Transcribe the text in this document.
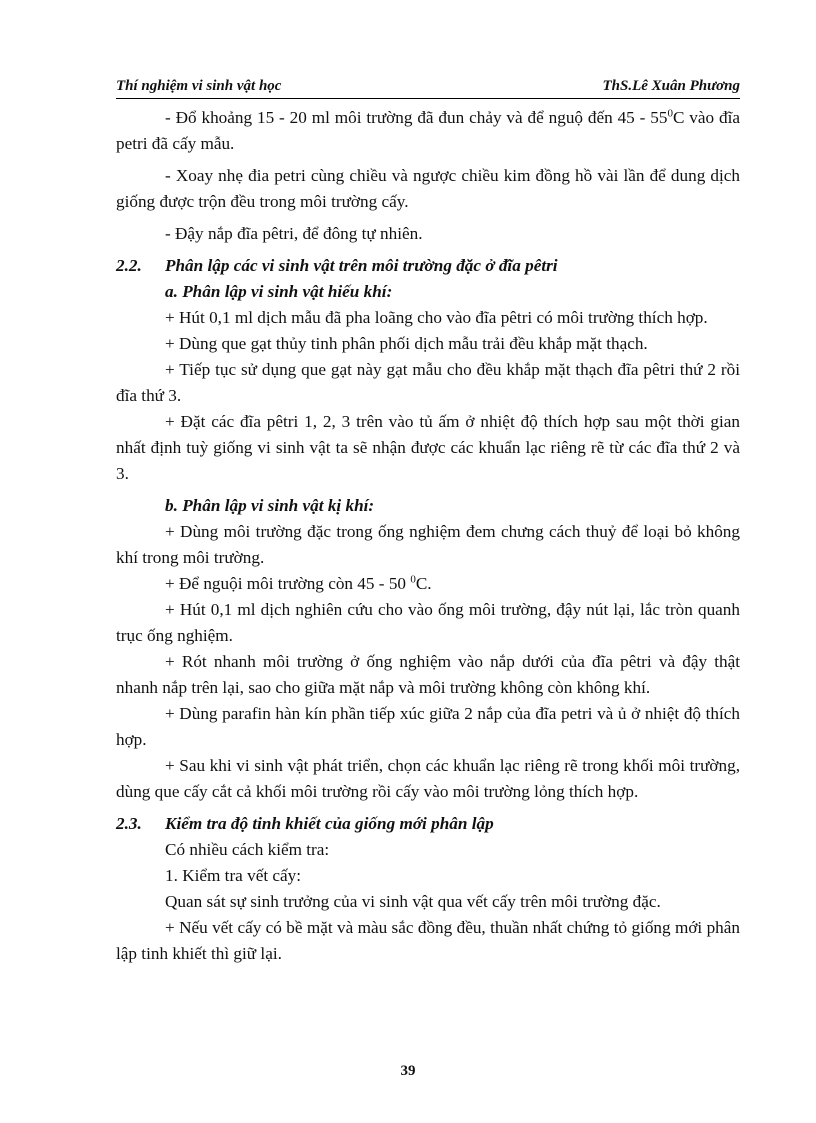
Thí nghiệm vi sinh vật học	ThS.Lê Xuân Phương

- Đổ khoảng 15 - 20 ml môi trường đã đun chảy và để nguộ đến $45 - 55^0C$ vào đĩa petri đã cấy mẫu.

- Xoay nhẹ đia petri cùng chiều và ngược chiều kim đồng hồ vài lần để dung dịch giống được trộn đều trong môi trường cấy.

- Đậy nắp đĩa pêtri, để đông tự nhiên.

2.2.	Phân lập các vi sinh vật trên môi trường đặc ở đĩa pêtri

a. Phân lập vi sinh vật hiếu khí:

+ Hút 0,1 ml dịch mẫu đã pha loãng cho vào đĩa pêtri có môi trường thích hợp.

+ Dùng que gạt thủy tinh phân phối dịch mẫu trải đều khắp mặt thạch.

+ Tiếp tục sử dụng que gạt này gạt mẫu cho đều khắp mặt thạch đĩa pêtri thứ 2 rồi đĩa thứ 3.

+ Đặt các đĩa pêtri 1, 2, 3 trên vào tủ ấm ở nhiệt độ thích hợp sau một thời gian nhất định tuỳ giống vi sinh vật ta sẽ nhận được các khuẩn lạc riêng rẽ từ các đĩa thứ 2 và 3.

b. Phân lập vi sinh vật kị khí:

+ Dùng môi trường đặc trong ống nghiệm đem chưng cách thuỷ để loại bỏ không khí trong môi trường.

+ Để nguội môi trường còn 45 - 50 $^0$C.

+ Hút 0,1 ml dịch nghiên cứu cho vào ống môi trường, đậy nút lại, lắc tròn quanh trục ống nghiệm.

+ Rót nhanh môi trường ở ống nghiệm vào nắp dưới của đĩa pêtri và đậy thật nhanh nắp trên lại, sao cho giữa mặt nắp và môi trường không còn không khí.

+ Dùng parafin hàn kín phần tiếp xúc giữa 2 nắp của đĩa petri và ủ ở nhiệt độ thích hợp.

+ Sau khi vi sinh vật phát triển, chọn các khuẩn lạc riêng rẽ trong khối môi trường, dùng que cấy cắt cả khối môi trường rồi cấy vào môi trường lỏng thích hợp.

2.3.	Kiểm tra độ tinh khiết của giống mới phân lập

Có nhiều cách kiểm tra:

1. Kiểm tra vết cấy:

Quan sát sự sinh trưởng của vi sinh vật qua vết cấy trên môi trường đặc.

+ Nếu vết cấy có bề mặt và màu sắc đồng đều, thuần nhất chứng tỏ giống mới phân lập tinh khiết thì giữ lại.

39
